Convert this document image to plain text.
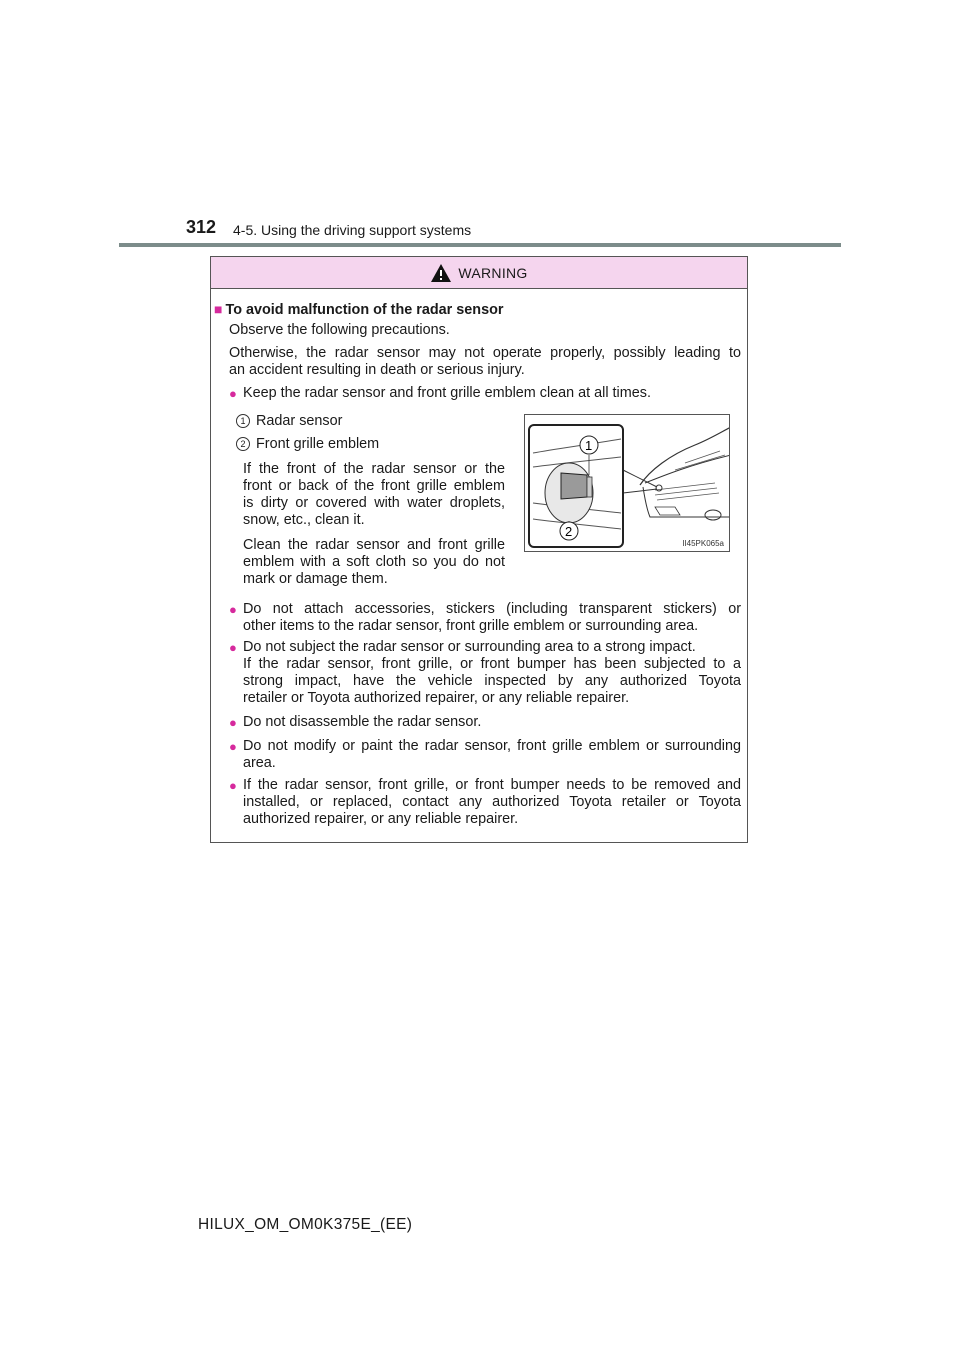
312 4-5. Using the driving support systems
WARNING
■ To avoid malfunction of the radar sensor
Observe the following precautions.
Otherwise, the radar sensor may not operate properly, possibly leading to
an accident resulting in death or serious injury.
● Keep the radar sensor and front grille emblem clean at all times.
1 Radar sensor
2 Front grille emblem
If the front of the radar sensor or the
front or back of the front grille emblem
is dirty or covered with water droplets,
snow, etc., clean it.
Clean the radar sensor and front grille
emblem with a soft cloth so you do not
mark or damage them.
1
2
II45PK065a
● Do not attach accessories, stickers (including transparent stickers) or
other items to the radar sensor, front grille emblem or surrounding area.
● Do not subject the radar sensor or surrounding area to a strong impact.
If the radar sensor, front grille, or front bumper has been subjected to a
strong impact, have the vehicle inspected by any authorized Toyota
retailer or Toyota authorized repairer, or any reliable repairer.
● Do not disassemble the radar sensor.
● Do not modify or paint the radar sensor, front grille emblem or surrounding
area.
● If the radar sensor, front grille, or front bumper needs to be removed and
installed, or replaced, contact any authorized Toyota retailer or Toyota
authorized repairer, or any reliable repairer.
HILUX_OM_OM0K375E_(EE)
